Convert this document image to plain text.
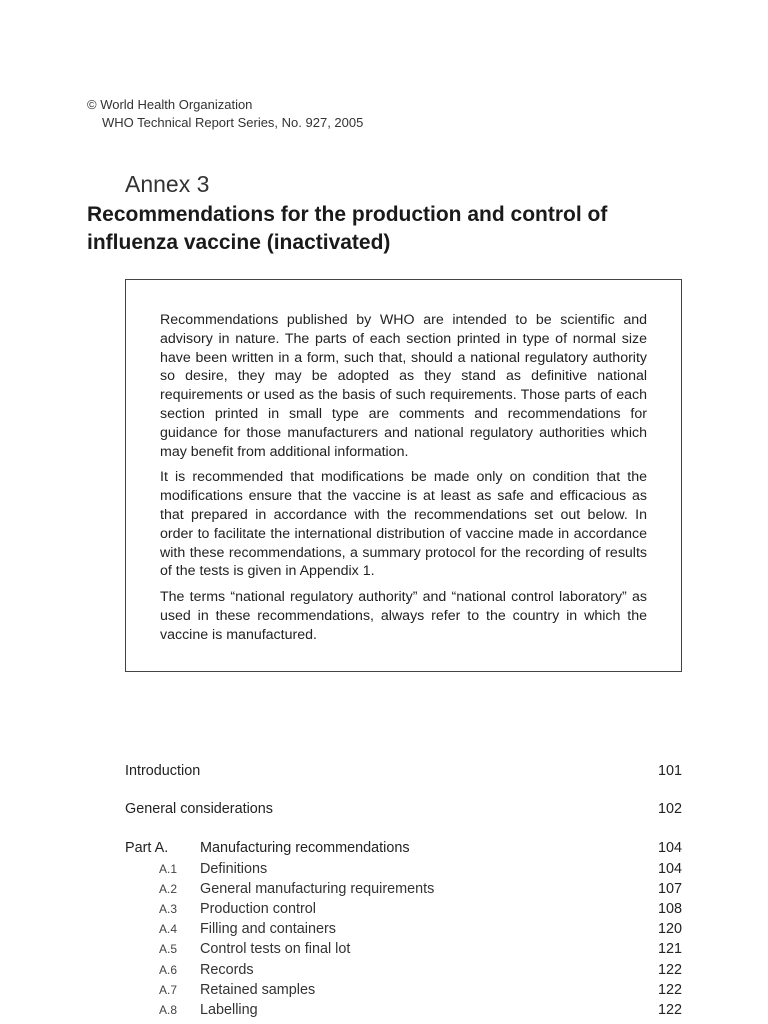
© World Health Organization
WHO Technical Report Series, No. 927, 2005
Annex 3
Recommendations for the production and control of influenza vaccine (inactivated)

Recommendations published by WHO are intended to be scientific and advisory in nature. The parts of each section printed in type of normal size have been written in a form, such that, should a national regulatory authority so desire, they may be adopted as they stand as definitive national requirements or used as the basis of such requirements. Those parts of each section printed in small type are comments and recommendations for guidance for those manufacturers and national regulatory authorities which may benefit from additional information.

It is recommended that modifications be made only on condition that the modifications ensure that the vaccine is at least as safe and efficacious as that prepared in accordance with the recommendations set out below. In order to facilitate the international distribution of vaccine made in accordance with these recommendations, a summary protocol for the recording of results of the tests is given in Appendix 1.

The terms “national regulatory authority” and “national control laboratory” as used in these recommendations, always refer to the country in which the vaccine is manufactured.

Introduction	101
General considerations	102
Part A. Manufacturing recommendations	104
A.1 Definitions	104
A.2 General manufacturing requirements	107
A.3 Production control	108
A.4 Filling and containers	120
A.5 Control tests on final lot	121
A.6 Records	122
A.7 Retained samples	122
A.8 Labelling	122
